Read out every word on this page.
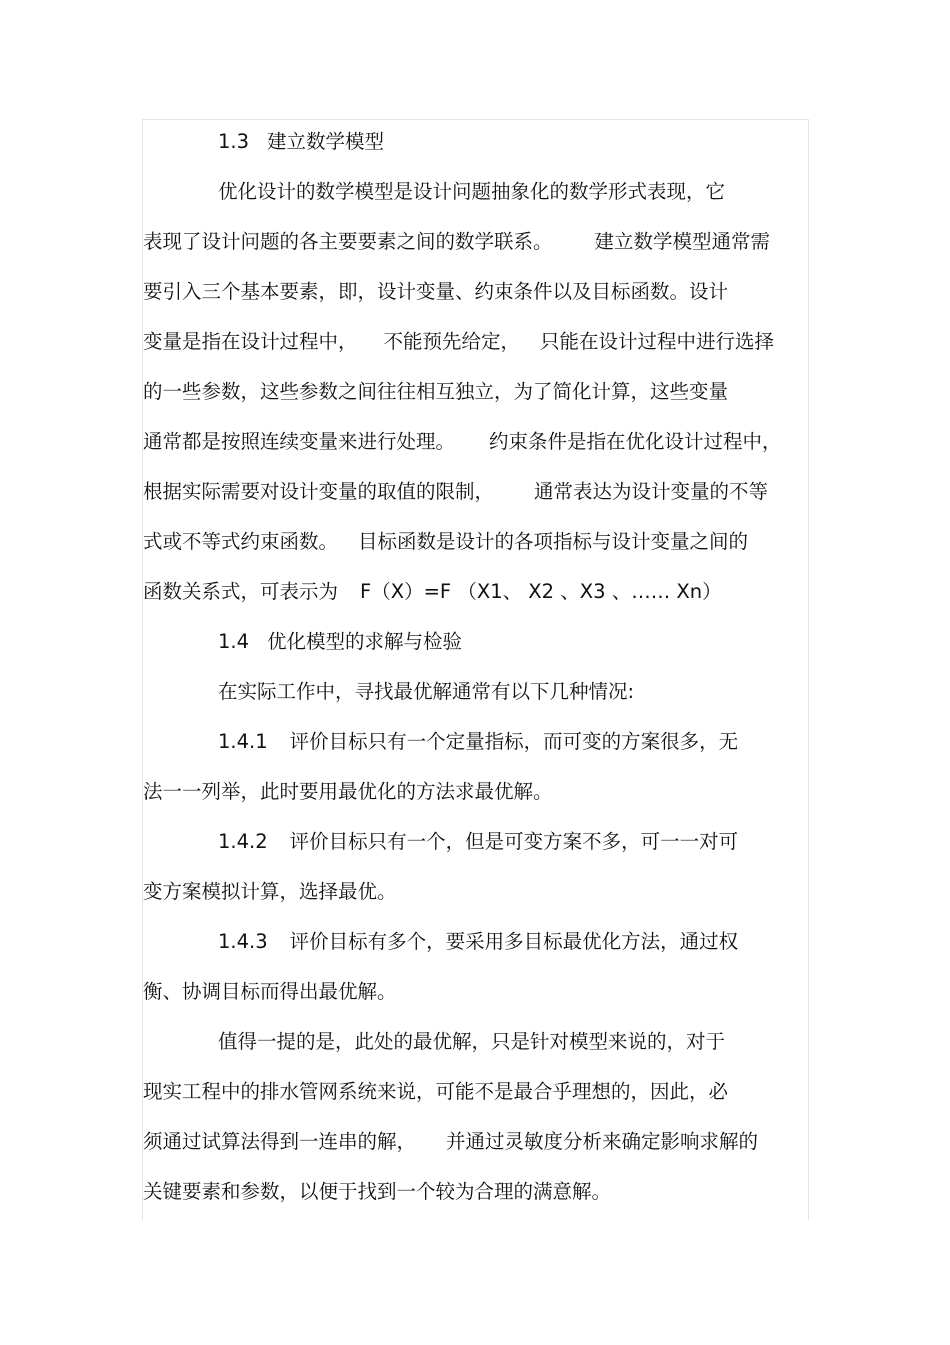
1.3 建立数学模型
优化设计的数学模型是设计问题抽象化的数学形式表现，它
表现了设计问题的各主要要素之间的数学联系。 建立数学模型通常需
要引入三个基本要素，即，设计变量、约束条件以及目标函数。设计
变量是指在设计过程中， 不能预先给定， 只能在设计过程中进行选择
的一些参数，这些参数之间往往相互独立，为了简化计算，这些变量
通常都是按照连续变量来进行处理。 约束条件是指在优化设计过程中，
根据实际需要对设计变量的取值的限制， 通常表达为设计变量的不等
式或不等式约束函数。 目标函数是设计的各项指标与设计变量之间的
函数关系式，可表示为 F（X）=F （X1、 X2 、X3 、…… Xn）
1.4 优化模型的求解与检验
在实际工作中，寻找最优解通常有以下几种情况:
1.4.1 评价目标只有一个定量指标，而可变的方案很多，无
法一一列举，此时要用最优化的方法求最优解。
1.4.2 评价目标只有一个，但是可变方案不多，可一一对可
变方案模拟计算，选择最优。
1.4.3 评价目标有多个，要采用多目标最优化方法，通过权
衡、协调目标而得出最优解。
值得一提的是，此处的最优解，只是针对模型来说的，对于
现实工程中的排水管网系统来说，可能不是最合乎理想的，因此，必
须通过试算法得到一连串的解， 并通过灵敏度分析来确定影响求解的
关键要素和参数，以便于找到一个较为合理的满意解。
